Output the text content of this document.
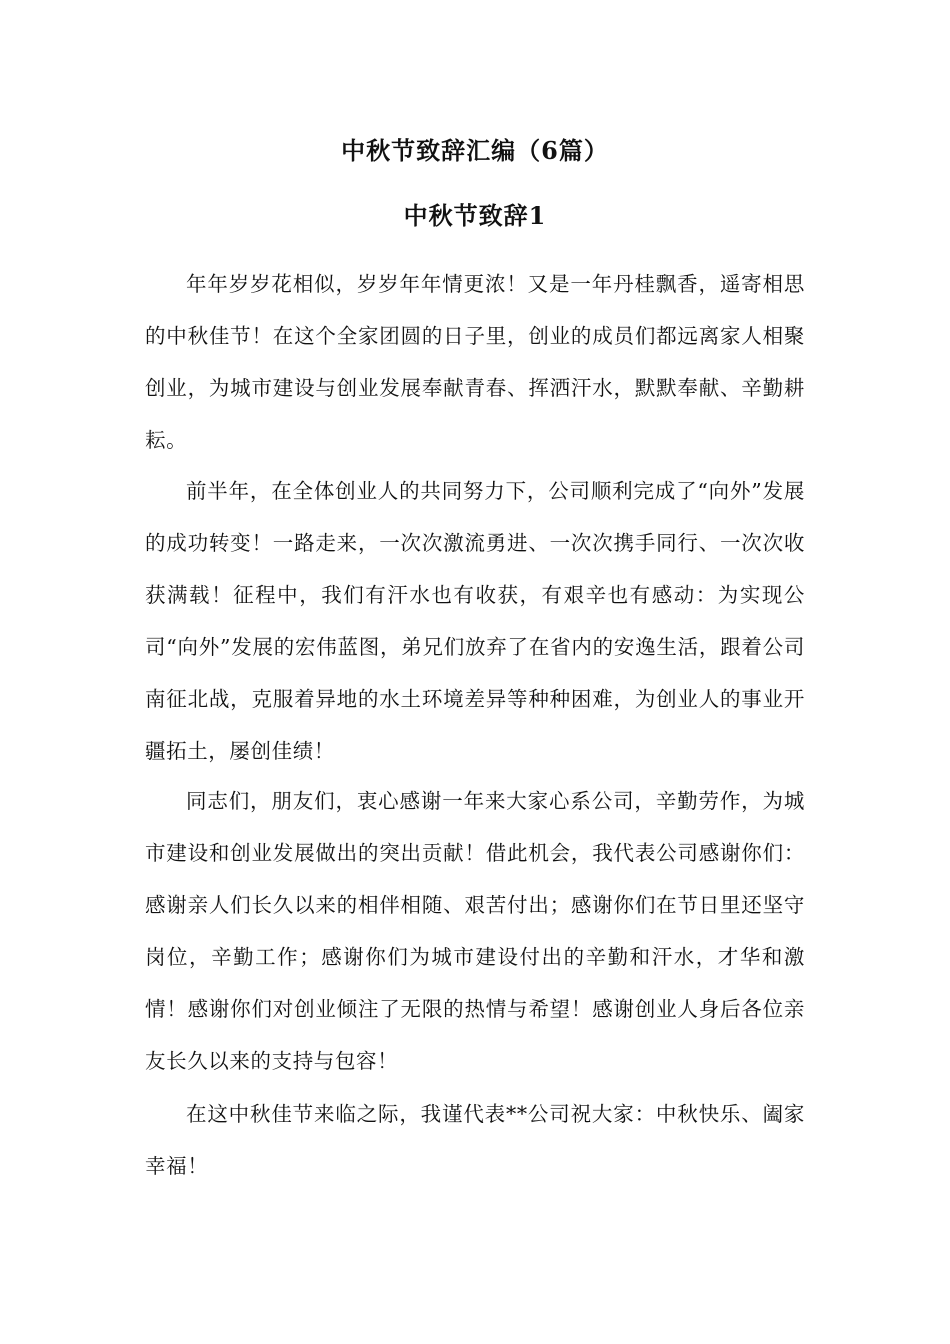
中秋节致辞汇编（6篇）
中秋节致辞1

年年岁岁花相似，岁岁年年情更浓！又是一年丹桂飘香，遥寄相思的中秋佳节！在这个全家团圆的日子里，创业的成员们都远离家人相聚创业，为城市建设与创业发展奉献青春、挥洒汗水，默默奉献、辛勤耕耘。

前半年，在全体创业人的共同努力下，公司顺利完成了“向外”发展的成功转变！一路走来，一次次激流勇进、一次次携手同行、一次次收获满载！征程中，我们有汗水也有收获，有艰辛也有感动：为实现公司“向外”发展的宏伟蓝图，弟兄们放弃了在省内的安逸生活，跟着公司南征北战，克服着异地的水土环境差异等种种困难，为创业人的事业开疆拓土，屡创佳绩！

同志们，朋友们，衷心感谢一年来大家心系公司，辛勤劳作，为城市建设和创业发展做出的突出贡献！借此机会，我代表公司感谢你们：感谢亲人们长久以来的相伴相随、艰苦付出；感谢你们在节日里还坚守岗位，辛勤工作；感谢你们为城市建设付出的辛勤和汗水，才华和激情！感谢你们对创业倾注了无限的热情与希望！感谢创业人身后各位亲友长久以来的支持与包容！

在这中秋佳节来临之际，我谨代表**公司祝大家：中秋快乐、阖家幸福！
